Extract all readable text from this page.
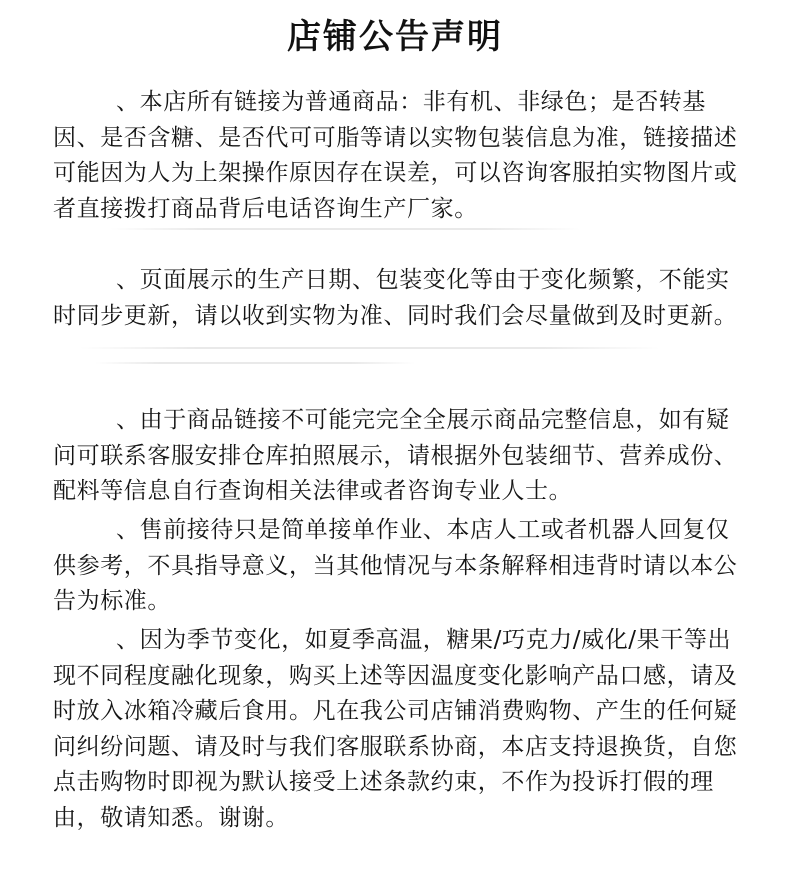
店铺公告声明

、本店所有链接为普通商品：非有机、非绿色；是否转基因、是否含糖、是否代可可脂等请以实物包装信息为准，链接描述可能因为人为上架操作原因存在误差，可以咨询客服拍实物图片或者直接拨打商品背后电话咨询生产厂家。

、页面展示的生产日期、包装变化等由于变化频繁，不能实时同步更新，请以收到实物为准、同时我们会尽量做到及时更新。

、由于商品链接不可能完完全全展示商品完整信息，如有疑问可联系客服安排仓库拍照展示，请根据外包装细节、营养成份、配料等信息自行查询相关法律或者咨询专业人士。

、售前接待只是简单接单作业、本店人工或者机器人回复仅供参考，不具指导意义，当其他情况与本条解释相违背时请以本公告为标准。

、因为季节变化，如夏季高温，糖果/巧克力/威化/果干等出现不同程度融化现象，购买上述等因温度变化影响产品口感，请及时放入冰箱冷藏后食用。凡在我公司店铺消费购物、产生的任何疑问纠纷问题、请及时与我们客服联系协商，本店支持退换货，自您点击购物时即视为默认接受上述条款约束，不作为投诉打假的理由，敬请知悉。谢谢。
